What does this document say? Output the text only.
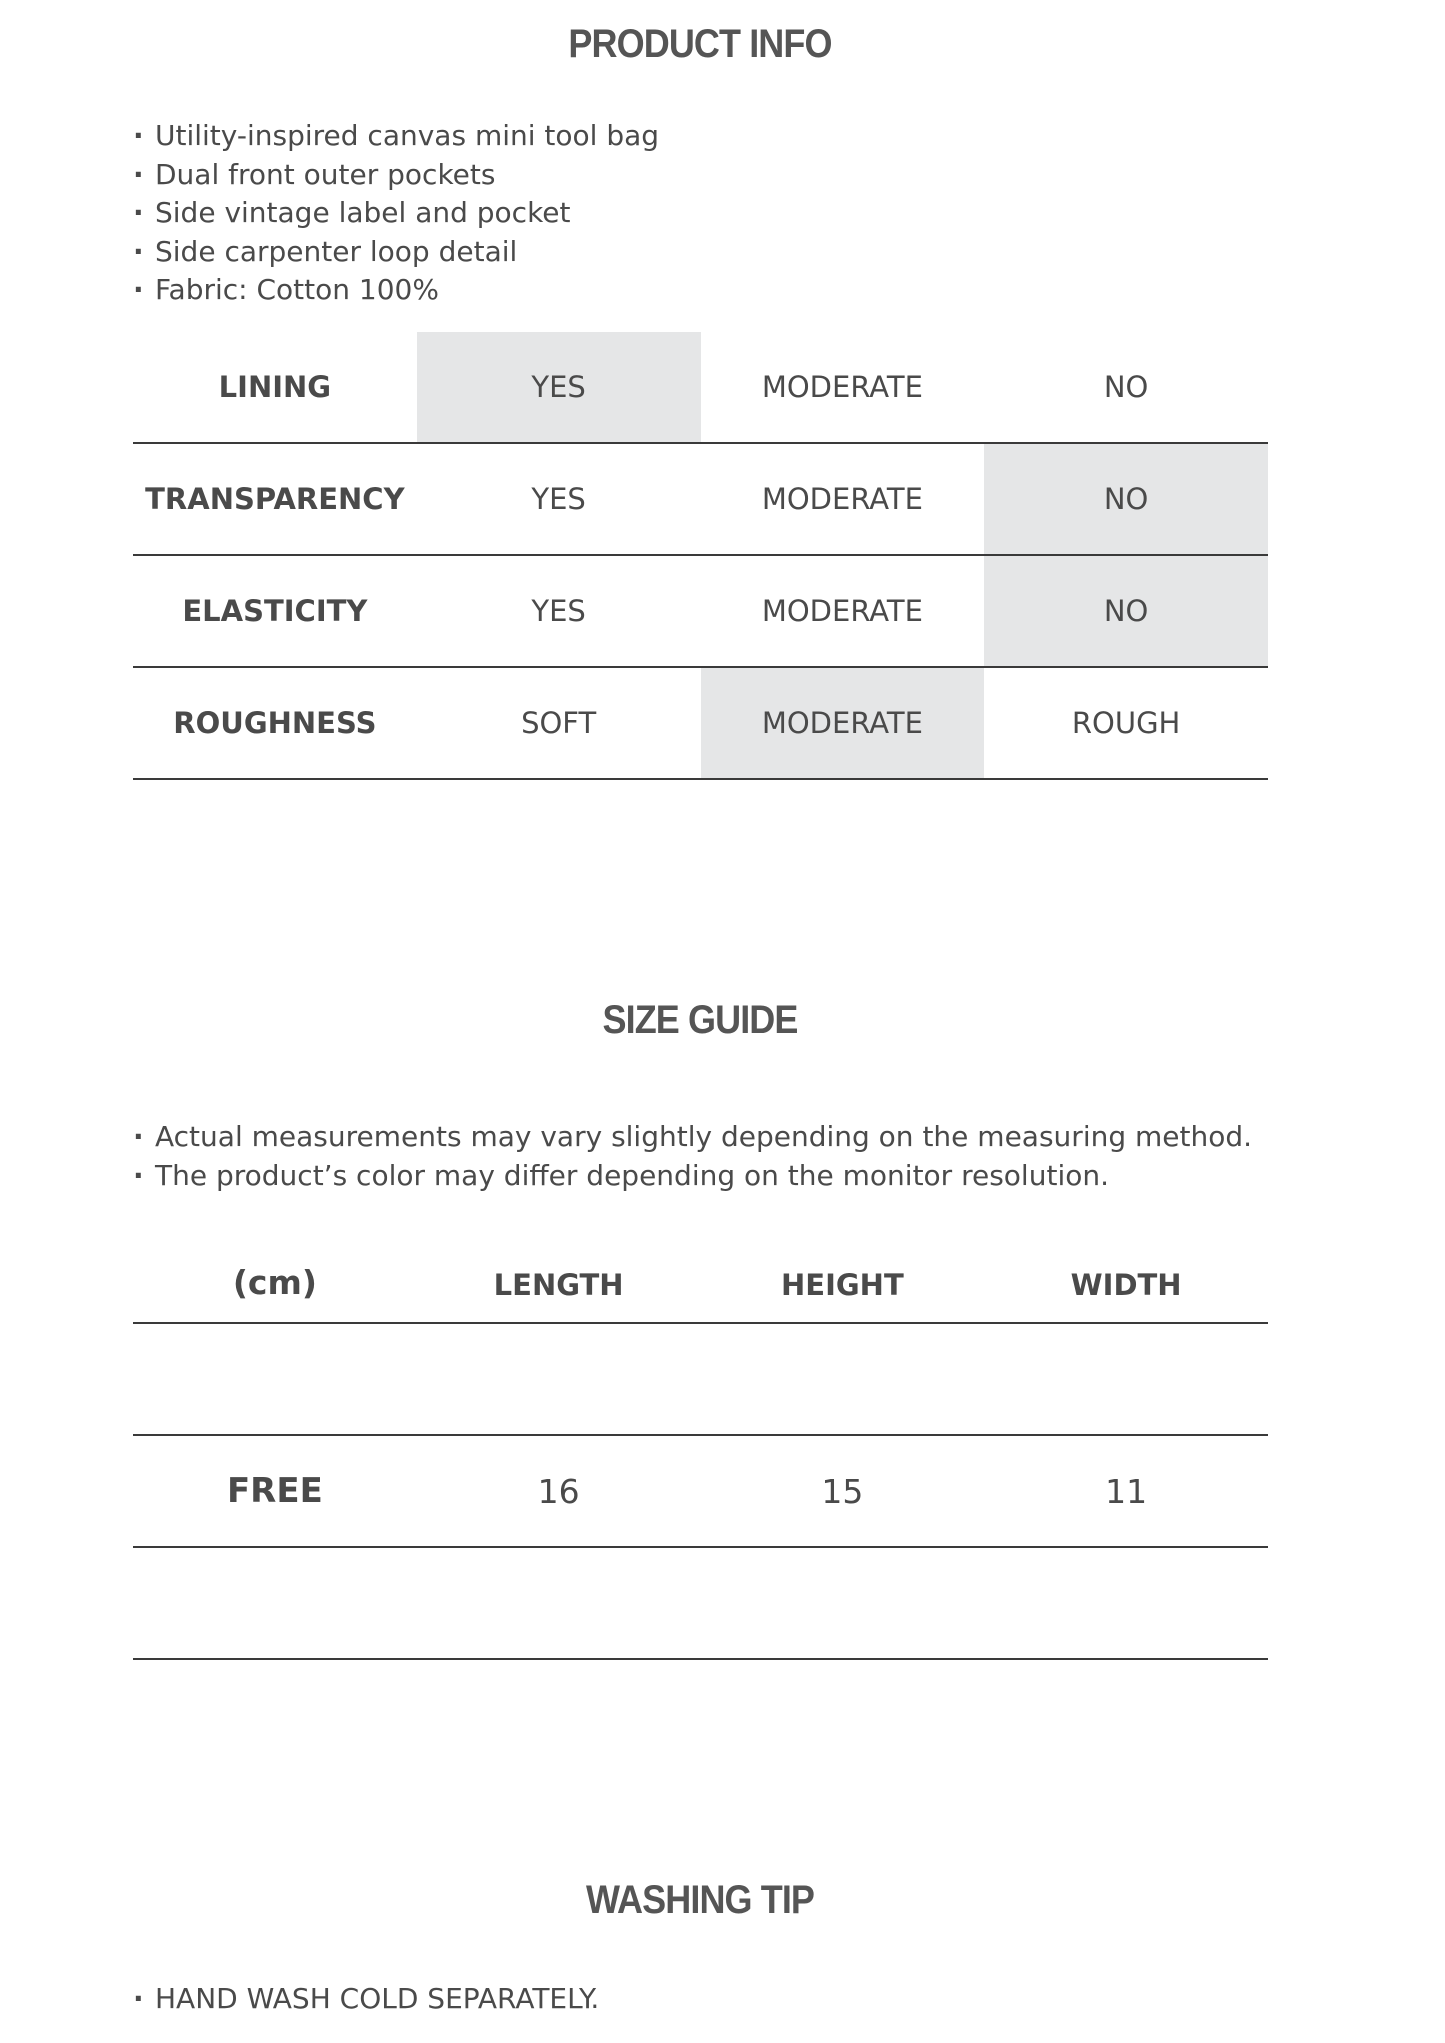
PRODUCT INFO
· Utility-inspired canvas mini tool bag
· Dual front outer pockets
· Side vintage label and pocket
· Side carpenter loop detail
· Fabric: Cotton 100%
LINING	YES	MODERATE	NO
TRANSPARENCY	YES	MODERATE	NO
ELASTICITY	YES	MODERATE	NO
ROUGHNESS	SOFT	MODERATE	ROUGH
SIZE GUIDE
· Actual measurements may vary slightly depending on the measuring method.
· The product’s color may differ depending on the monitor resolution.
(cm)	LENGTH	HEIGHT	WIDTH
FREE	16	15	11
WASHING TIP
· HAND WASH COLD SEPARATELY.
